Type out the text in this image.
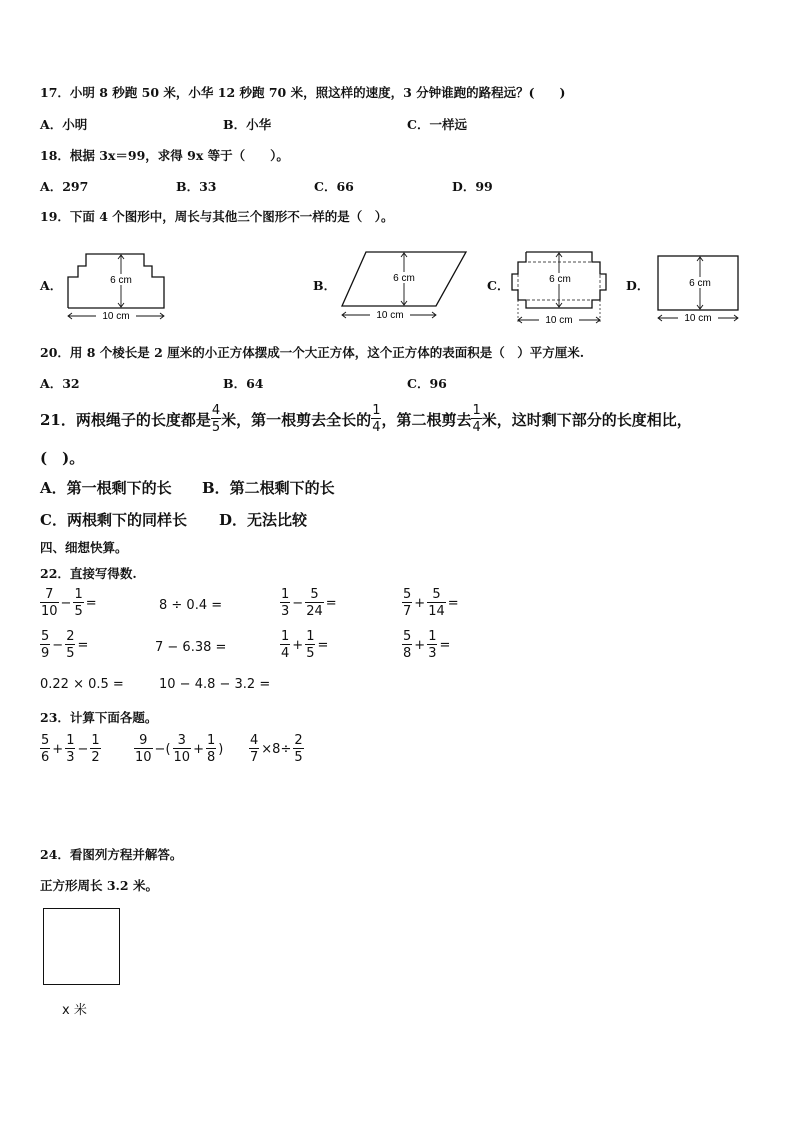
17．小明 8 秒跑 50 米，小华 12 秒跑 70 米，照这样的速度，3 分钟谁跑的路程远？(　　)
A．小明	B．小华	C．一样远
18．根据 3x＝99，求得 9x 等于（　　）。
A．297	B．33	C．66	D．99
19．下面 4 个图形中，周长与其他三个图形不一样的是（　）。
A．	6 cm
10 cm
B．	6 cm
10 cm
C．	6 cm
10 cm
D．	6 cm
10 cm
20．用 8 个棱长是 2 厘米的小正方体摆成一个大正方体，这个正方体的表面积是（　）平方厘米.
A．32	B．64	C．96
21．两根绳子的长度都是 $\frac{4}{5}$ 米，第一根剪去全长的 $\frac{1}{4}$ ，第二根剪去 $\frac{1}{4}$ 米，这时剩下部分的长度相比，
(　)。
A．第一根剩下的长 B．第二根剩下的长
C．两根剩下的同样长 D．无法比较
四、细想快算。
22．直接写得数.
$\frac{7}{10} - \frac{1}{5}$ =	8 ÷ 0.4 =	$\frac{1}{3} - \frac{5}{24}$ =	$\frac{5}{7} + \frac{5}{14}$ =
$\frac{5}{9} - \frac{2}{5}$ =	7 − 6.38 =	$\frac{1}{4} + \frac{1}{5}$ =	$\frac{5}{8} + \frac{1}{3}$ =
0.22 × 0.5 =	10 − 4.8 − 3.2 =
23．计算下面各题。
$\frac{5}{6} + \frac{1}{3} - \frac{1}{2}$	$\frac{9}{10}$ −( $\frac{3}{10} + \frac{1}{8}$ ) $\frac{4}{7} \times 8\div \frac{2}{5}$
24．看图列方程并解答。
正方形周长 3.2 米。
x 米
